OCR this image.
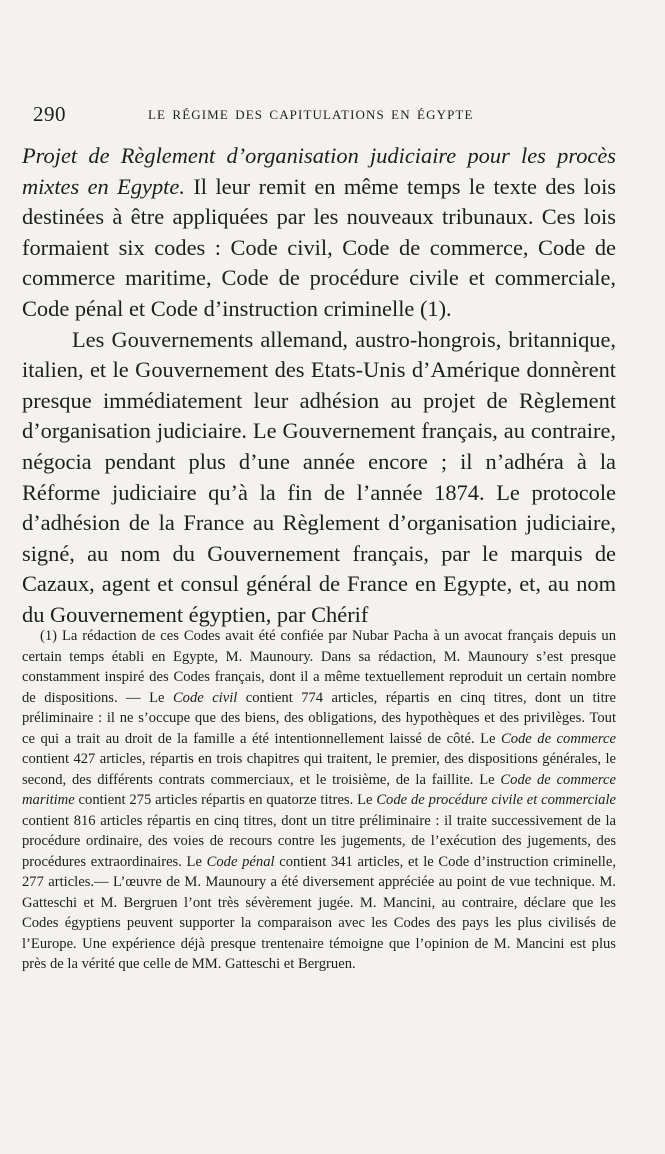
290	LE RÉGIME DES CAPITULATIONS EN ÉGYPTE

Projet de Règlement d’organisation judiciaire pour les procès mixtes en Egypte. Il leur remit en même temps le texte des lois destinées à être appliquées par les nouveaux tribunaux. Ces lois formaient six codes : Code civil, Code de commerce, Code de commerce maritime, Code de procédure civile et commerciale, Code pénal et Code d’instruction criminelle (1).

Les Gouvernements allemand, austro-hongrois, britannique, italien, et le Gouvernement des Etats-Unis d’Amérique donnèrent presque immédiatement leur adhésion au projet de Règlement d’organisation judiciaire. Le Gouvernement français, au contraire, négocia pendant plus d’une année encore ; il n’adhéra à la Réforme judiciaire qu’à la fin de l’année 1874. Le protocole d’adhésion de la France au Règlement d’organisation judiciaire, signé, au nom du Gouvernement français, par le marquis de Cazaux, agent et consul général de France en Egypte, et, au nom du Gouvernement égyptien, par Chérif

(1) La rédaction de ces Codes avait été confiée par Nubar Pacha à un avocat français depuis un certain temps établi en Egypte, M. Maunoury. Dans sa rédaction, M. Maunoury s’est presque constamment inspiré des Codes français, dont il a même textuellement reproduit un certain nombre de dispositions. — Le Code civil contient 774 articles, répartis en cinq titres, dont un titre préliminaire : il ne s’occupe que des biens, des obligations, des hypothèques et des privilèges. Tout ce qui a trait au droit de la famille a été intentionnellement laissé de côté. Le Code de commerce contient 427 articles, répartis en trois chapitres qui traitent, le premier, des dispositions générales, le second, des différents contrats commerciaux, et le troisième, de la faillite. Le Code de commerce maritime contient 275 articles répartis en quatorze titres. Le Code de procédure civile et commerciale contient 816 articles répartis en cinq titres, dont un titre préliminaire : il traite successivement de la procédure ordinaire, des voies de recours contre les jugements, de l’exécution des jugements, des procédures extraordinaires. Le Code pénal contient 341 articles, et le Code d’instruction criminelle, 277 articles.— L’œuvre de M. Maunoury a été diversement appréciée au point de vue technique. M. Gatteschi et M. Bergruen l’ont très sévèrement jugée. M. Mancini, au contraire, déclare que les Codes égyptiens peuvent supporter la comparaison avec les Codes des pays les plus civilisés de l’Europe. Une expérience déjà presque trentenaire témoigne que l’opinion de M. Mancini est plus près de la vérité que celle de MM. Gatteschi et Bergruen.
